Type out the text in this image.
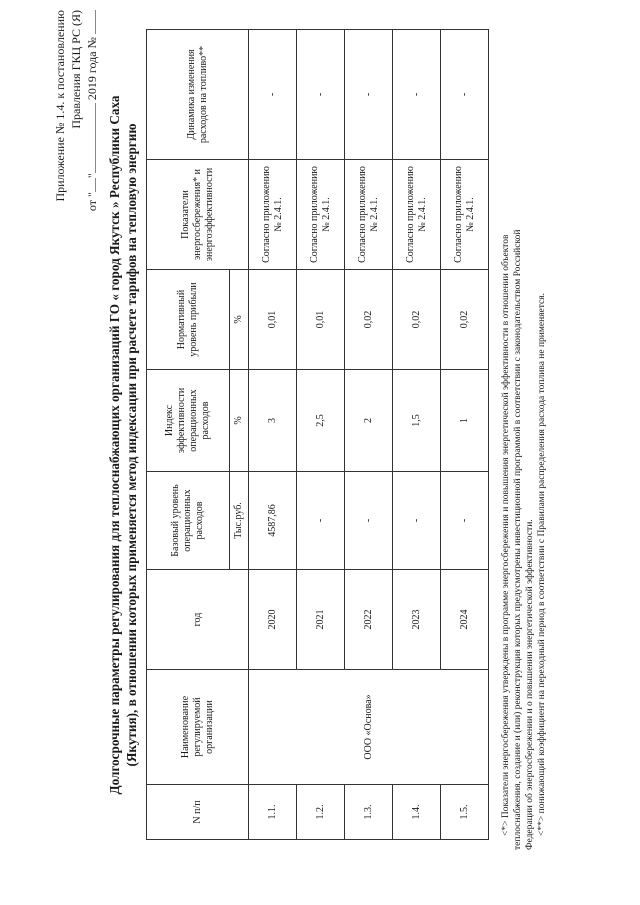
Приложение № 1.4. к постановлению Правления ГКЦ РС (Я)
от "" 2019 года №
Долгосрочные параметры регулирования для теплоснабжающих организаций ГО « город Якутск » Республики Саха (Якутия), в отношении которых применяется метод индексации при расчете тарифов на тепловую энергию
N п/п	Наименование регулируемой организации	год	Базовый уровень операционных расходов	Индекс эффективности операционных расходов	Нормативный уровень прибыли	Показатели энергосбережения* и энергоэффективности	Динамика изменения расходов на топливо**
			Тыс.руб.	%	%		
1.1.	ООО «Основа»	2020	4587,86	3	0,01	Согласно приложению № 2.4.1.	-
1.2.		2021	-	2,5	0,01	Согласно приложению № 2.4.1.	-
1.3.		2022	-	2	0,02	Согласно приложению № 2.4.1.	-
1.4.		2023	-	1,5	0,02	Согласно приложению № 2.4.1.	-
1.5.		2024	-	1	0,02	Согласно приложению № 2.4.1.	-

<*> Показатели энергосбережения утверждены в программе энергосбережения и повышения энергетической эффективности в отношении объектов теплоснабжения, создание и (или) реконструкция которых предусмотрены инвестиционной программой в соответствии с законодательством Российской Федерации об энергосбережении и о повышении энергетической эффективности. <**> понижающий коэффициент на переходный период в соответствии с Правилами распределения расхода топлива не применяется.
